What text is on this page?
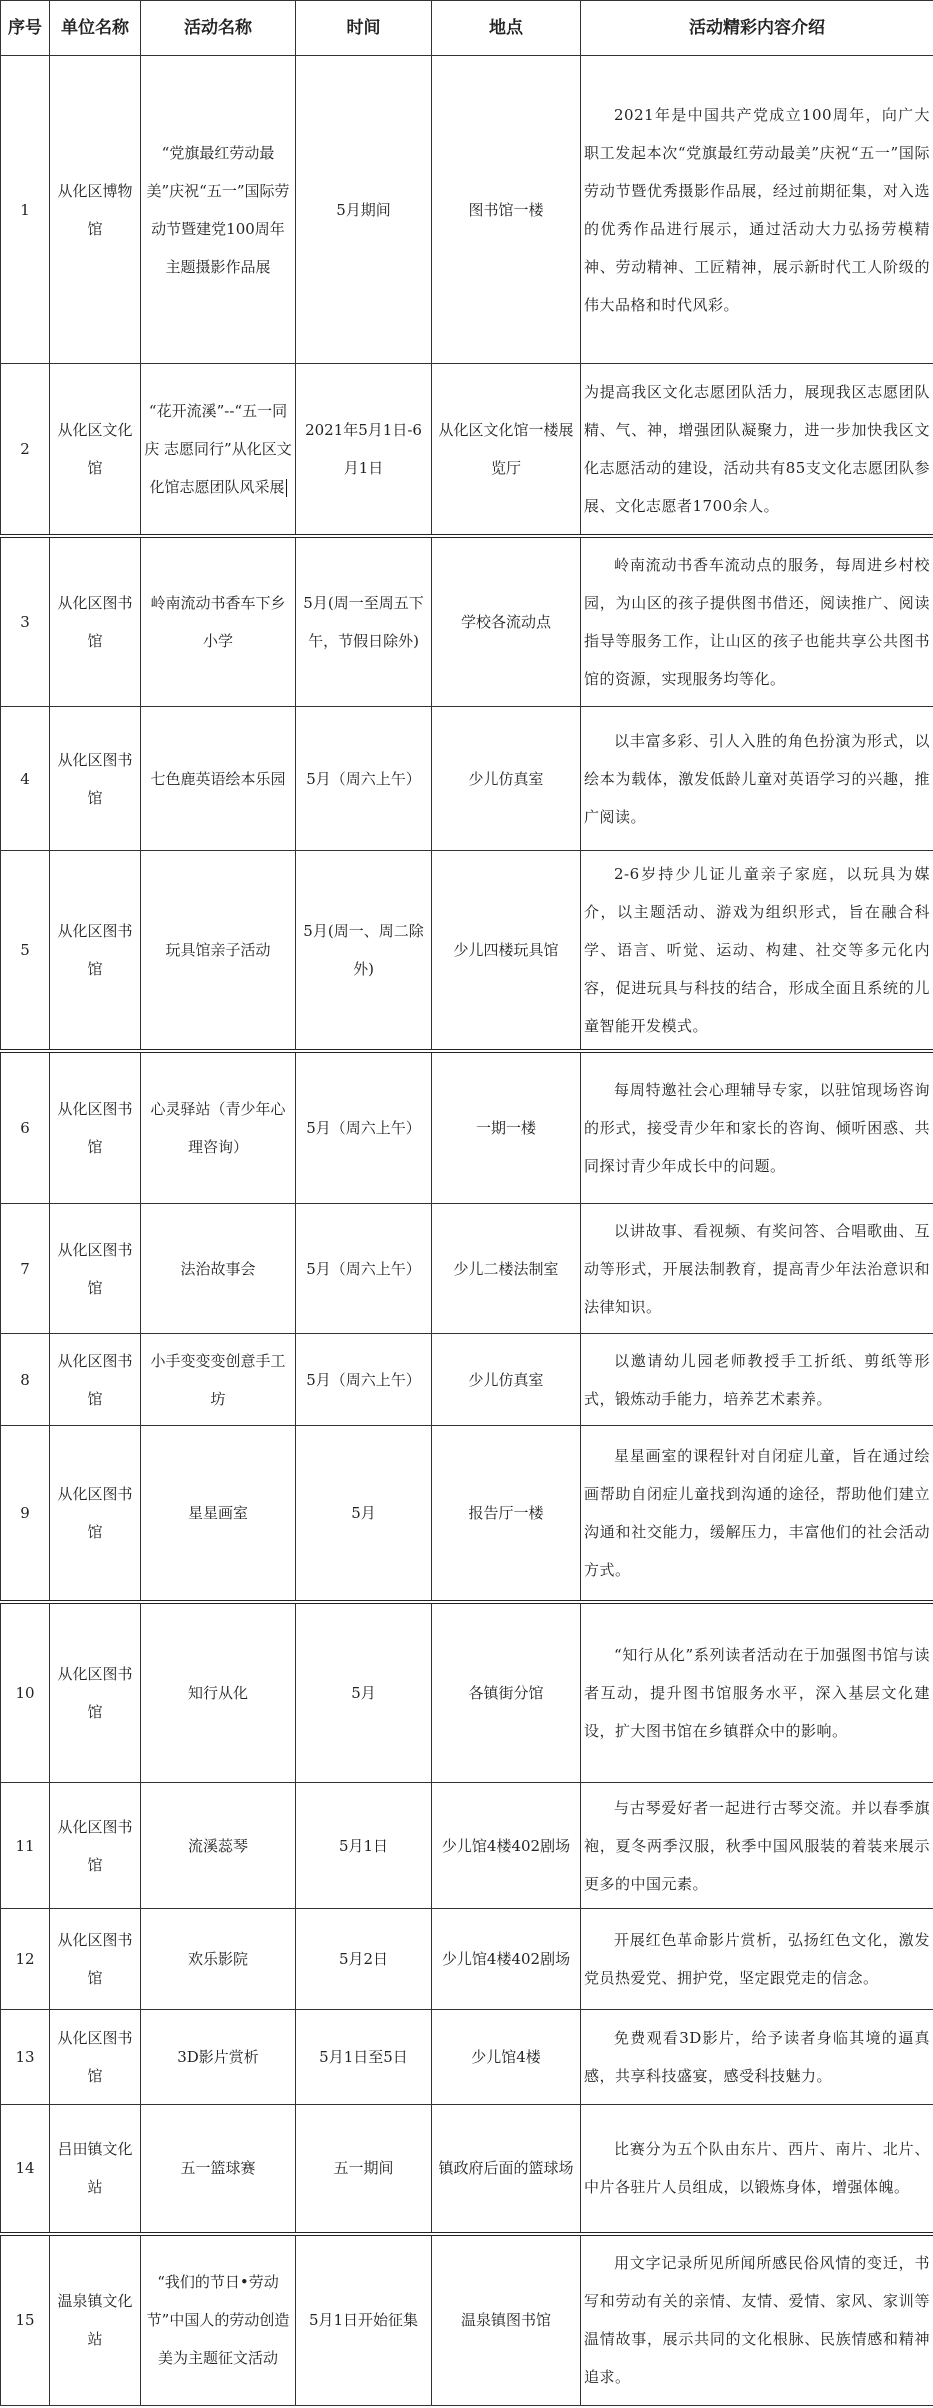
序号	单位名称	活动名称	时间	地点	活动精彩内容介绍
1	从化区博物馆	“党旗最红劳动最美”庆祝“五一”国际劳动节暨建党100周年主题摄影作品展	5月期间	图书馆一楼	2021年是中国共产党成立100周年，向广大职工发起本次“党旗最红劳动最美”庆祝“五一”国际劳动节暨优秀摄影作品展，经过前期征集，对入选的优秀作品进行展示，通过活动大力弘扬劳模精神、劳动精神、工匠精神，展示新时代工人阶级的伟大品格和时代风彩。
2	从化区文化馆	“花开流溪”--“五一同庆 志愿同行”从化区文化馆志愿团队风采展	2021年5月1日-6月1日	从化区文化馆一楼展览厅	为提高我区文化志愿团队活力，展现我区志愿团队精、气、神，增强团队凝聚力，进一步加快我区文化志愿活动的建设，活动共有85支文化志愿团队参展、文化志愿者1700余人。
3	从化区图书馆	岭南流动书香车下乡小学	5月(周一至周五下午，节假日除外)	学校各流动点	岭南流动书香车流动点的服务，每周进乡村校园，为山区的孩子提供图书借还，阅读推广、阅读指导等服务工作，让山区的孩子也能共享公共图书馆的资源，实现服务均等化。
4	从化区图书馆	七色鹿英语绘本乐园	5月（周六上午）	少儿仿真室	以丰富多彩、引人入胜的角色扮演为形式，以绘本为载体，激发低龄儿童对英语学习的兴趣，推广阅读。
5	从化区图书馆	玩具馆亲子活动	5月(周一、周二除外)	少儿四楼玩具馆	2-6岁持少儿证儿童亲子家庭，以玩具为媒介，以主题活动、游戏为组织形式，旨在融合科学、语言、听觉、运动、构建、社交等多元化内容，促进玩具与科技的结合，形成全面且系统的儿童智能开发模式。
6	从化区图书馆	心灵驿站（青少年心理咨询）	5月（周六上午）	一期一楼	每周特邀社会心理辅导专家，以驻馆现场咨询的形式，接受青少年和家长的咨询、倾听困惑、共同探讨青少年成长中的问题。
7	从化区图书馆	法治故事会	5月（周六上午）	少儿二楼法制室	以讲故事、看视频、有奖问答、合唱歌曲、互动等形式，开展法制教育，提高青少年法治意识和法律知识。
8	从化区图书馆	小手变变变创意手工坊	5月（周六上午）	少儿仿真室	以邀请幼儿园老师教授手工折纸、剪纸等形式，锻炼动手能力，培养艺术素养。
9	从化区图书馆	星星画室	5月	报告厅一楼	星星画室的课程针对自闭症儿童，旨在通过绘画帮助自闭症儿童找到沟通的途径，帮助他们建立沟通和社交能力，缓解压力，丰富他们的社会活动方式。
10	从化区图书馆	知行从化	5月	各镇街分馆	“知行从化”系列读者活动在于加强图书馆与读者互动，提升图书馆服务水平，深入基层文化建设，扩大图书馆在乡镇群众中的影响。
11	从化区图书馆	流溪蕊琴	5月1日	少儿馆4楼402剧场	与古琴爱好者一起进行古琴交流。并以春季旗袍，夏冬两季汉服，秋季中国风服装的着装来展示更多的中国元素。
12	从化区图书馆	欢乐影院	5月2日	少儿馆4楼402剧场	开展红色革命影片赏析，弘扬红色文化，激发党员热爱党、拥护党，坚定跟党走的信念。
13	从化区图书馆	3D影片赏析	5月1日至5日	少儿馆4楼	免费观看3D影片，给予读者身临其境的逼真感，共享科技盛宴，感受科技魅力。
14	吕田镇文化站	五一篮球赛	五一期间	镇政府后面的篮球场	比赛分为五个队由东片、西片、南片、北片、中片各驻片人员组成，以锻炼身体，增强体魄。
15	温泉镇文化站	“我们的节日•劳动节”中国人的劳动创造美为主题征文活动	5月1日开始征集	温泉镇图书馆	用文字记录所见所闻所感民俗风情的变迁，书写和劳动有关的亲情、友情、爱情、家风、家训等温情故事，展示共同的文化根脉、民族情感和精神追求。
